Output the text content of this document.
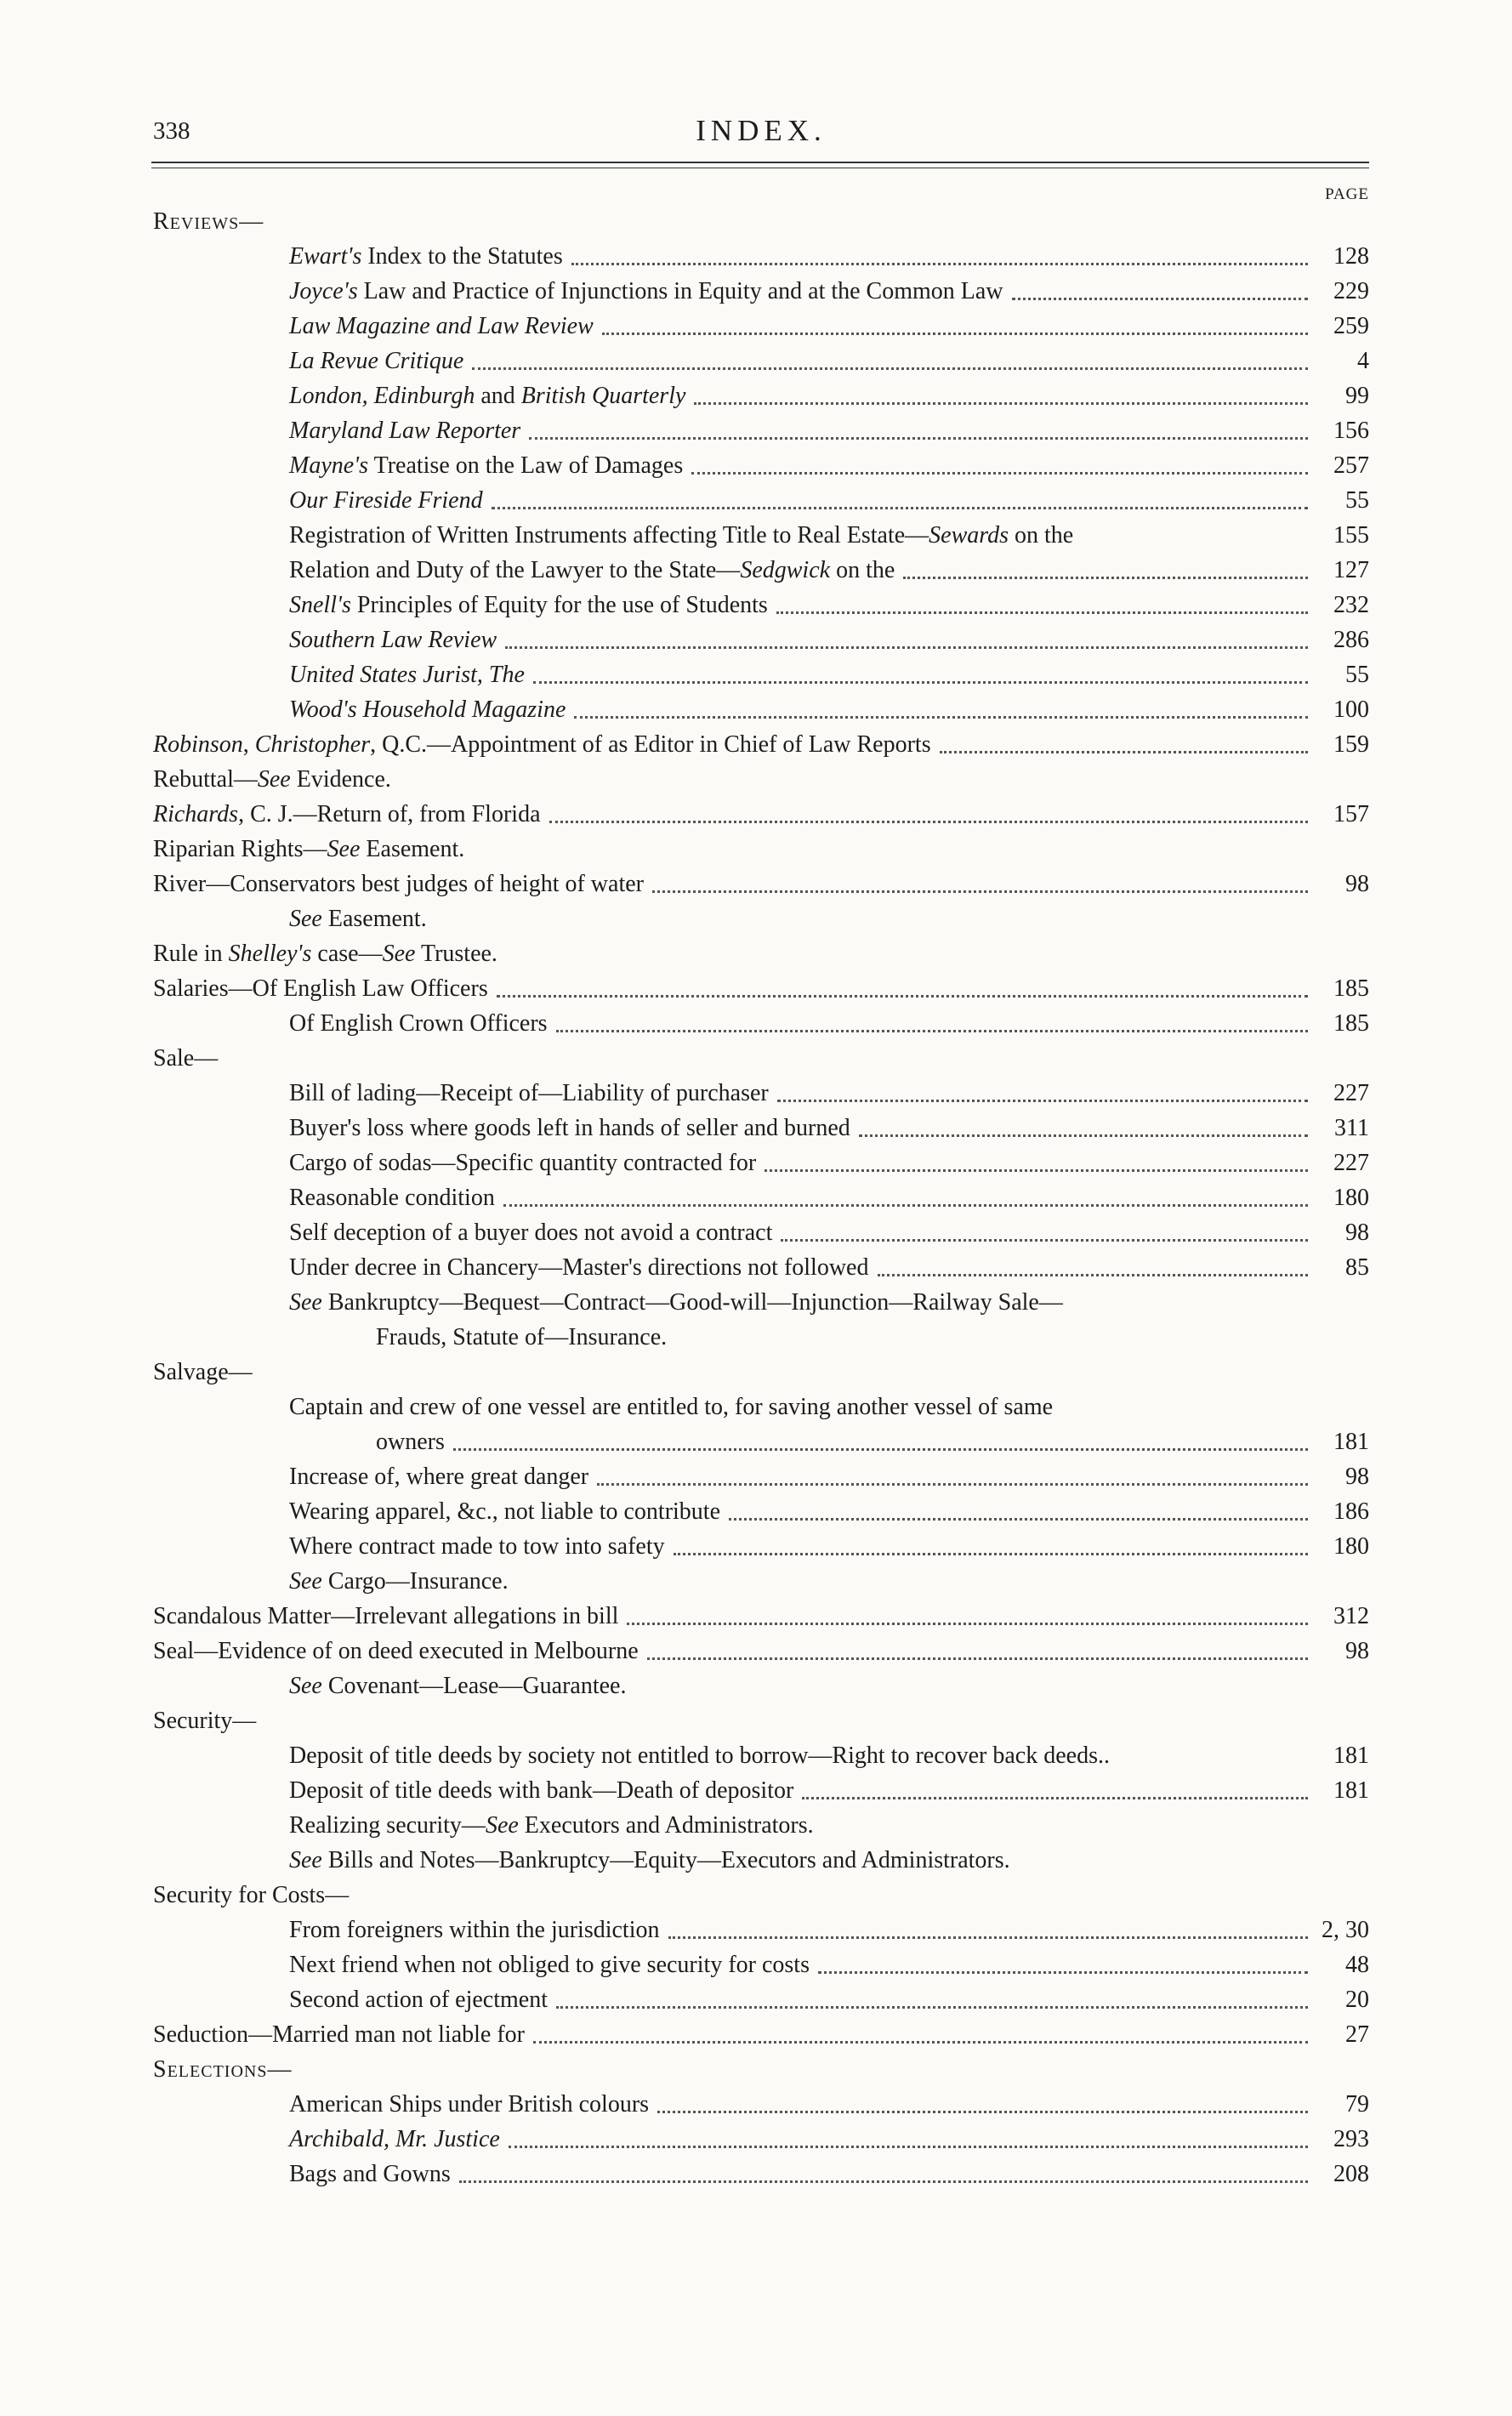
338	INDEX.
PAGE
Reviews—
Ewart's Index to the Statutes	128
Joyce's Law and Practice of Injunctions in Equity and at the Common Law	229
Law Magazine and Law Review	259
La Revue Critique	4
London, Edinburgh and British Quarterly	99
Maryland Law Reporter	156
Mayne's Treatise on the Law of Damages	257
Our Fireside Friend	55
Registration of Written Instruments affecting Title to Real Estate—Sewards on the	155
Relation and Duty of the Lawyer to the State—Sedgwick on the	127
Snell's Principles of Equity for the use of Students	232
Southern Law Review	286
United States Jurist, The	55
Wood's Household Magazine	100
Robinson, Christopher, Q.C.—Appointment of as Editor in Chief of Law Reports	159
Rebuttal—See Evidence.
Richards, C. J.—Return of, from Florida	157
Riparian Rights—See Easement.
River—Conservators best judges of height of water	98
See Easement.
Rule in Shelley's case—See Trustee.
Salaries—Of English Law Officers	185
Of English Crown Officers	185
Sale—
Bill of lading—Receipt of—Liability of purchaser	227
Buyer's loss where goods left in hands of seller and burned	311
Cargo of sodas—Specific quantity contracted for	227
Reasonable condition	180
Self deception of a buyer does not avoid a contract	98
Under decree in Chancery—Master's directions not followed	85
See Bankruptcy—Bequest—Contract—Good-will—Injunction—Railway Sale—
Frauds, Statute of—Insurance.
Salvage—
Captain and crew of one vessel are entitled to, for saving another vessel of same
owners	181
Increase of, where great danger	98
Wearing apparel, &c., not liable to contribute	186
Where contract made to tow into safety	180
See Cargo—Insurance.
Scandalous Matter—Irrelevant allegations in bill	312
Seal—Evidence of on deed executed in Melbourne	98
See Covenant—Lease—Guarantee.
Security—
Deposit of title deeds by society not entitled to borrow—Right to recover back deeds..	181
Deposit of title deeds with bank—Death of depositor	181
Realizing security—See Executors and Administrators.
See Bills and Notes—Bankruptcy—Equity—Executors and Administrators.
Security for Costs—
From foreigners within the jurisdiction	2, 30
Next friend when not obliged to give security for costs	48
Second action of ejectment	20
Seduction—Married man not liable for	27
Selections—
American Ships under British colours	79
Archibald, Mr. Justice	293
Bags and Gowns	208
